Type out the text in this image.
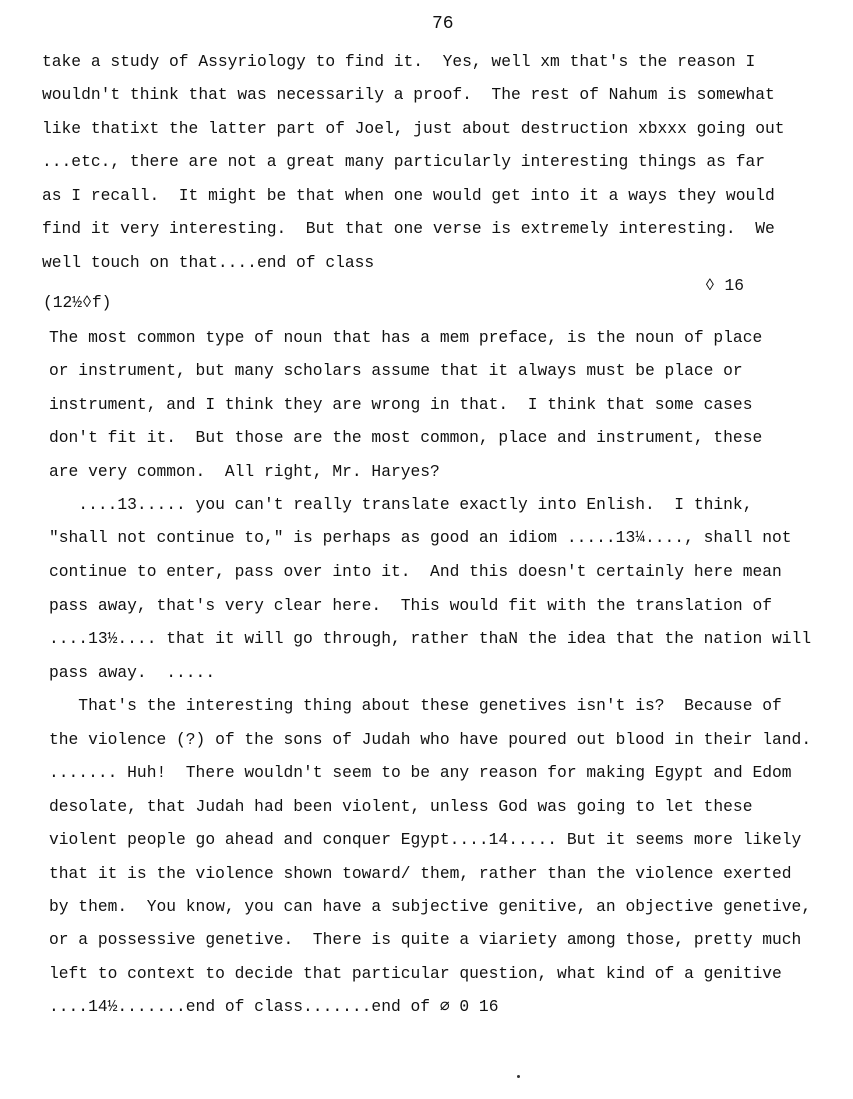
76
take a study of Assyriology to find it.  Yes, well xm that's the reason I
wouldn't think that was necessarily a proof.  The rest of Nahum is somewhat
like thatixt the latter part of Joel, just about destruction xbxxx going out
...etc., there are not a great many particularly interesting things as far
as I recall.  It might be that when one would get into it a ways they would
find it very interesting.  But that one verse is extremely interesting.  We
well touch on that....end of class
◊ 16
(12½◊f)
The most common type of noun that has a mem preface, is the noun of place
or instrument, but many scholars assume that it always must be place or
instrument, and I think they are wrong in that.  I think that some cases
don't fit it.  But those are the most common, place and instrument, these
are very common.  All right, Mr. Haryes?
....13..... you can't really translate exactly into Enlish.  I think,
"shall not continue to," is perhaps as good an idiom .....13¼...., shall not
continue to enter, pass over into it.  And this doesn't certainly here mean
pass away, that's very clear here.  This would fit with the translation of
....13½.... that it will go through, rather thaN the idea that the nation will
pass away.  .....
That's the interesting thing about these genetives isn't is?  Because of
the violence (?) of the sons of Judah who have poured out blood in their land.
....... Huh!  There wouldn't seem to be any reason for making Egypt and Edom
desolate, that Judah had been violent, unless God was going to let these
violent people go ahead and conquer Egypt....14..... But it seems more likely
that it is the violence shown toward/ them, rather than the violence exerted
by them.  You know, you can have a subjective genitive, an objective genetive,
or a possessive genetive.  There is quite a viariety among those, pretty much
left to context to decide that particular question, what kind of a genitive
....14½.......end of class.......end of ∅ 0 16
